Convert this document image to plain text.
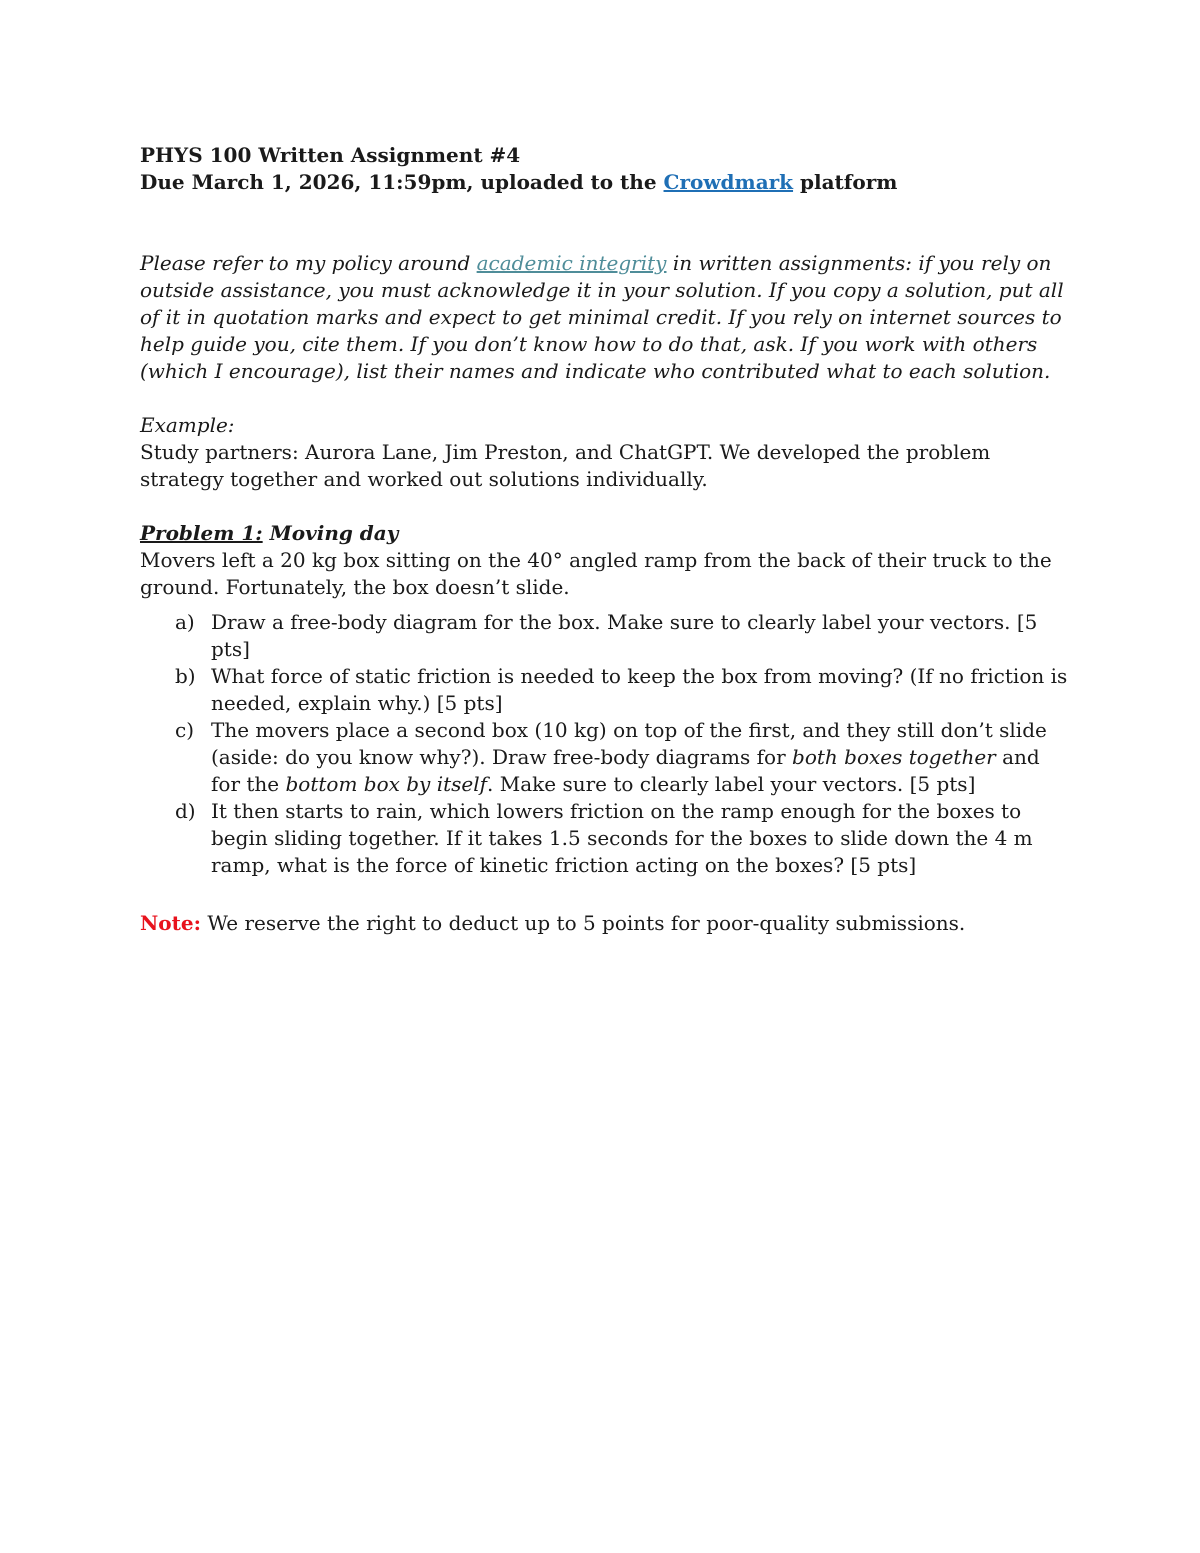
PHYS 100 Written Assignment #4
Due March 1, 2026, 11:59pm, uploaded to the Crowdmark platform
Please refer to my policy around academic integrity in written assignments: if you rely on outside assistance, you must acknowledge it in your solution. If you copy a solution, put all of it in quotation marks and expect to get minimal credit. If you rely on internet sources to help guide you, cite them. If you don’t know how to do that, ask. If you work with others (which I encourage), list their names and indicate who contributed what to each solution.
Example:
Study partners: Aurora Lane, Jim Preston, and ChatGPT. We developed the problem strategy together and worked out solutions individually.
Problem 1: Moving day
Movers left a 20 kg box sitting on the 40° angled ramp from the back of their truck to the ground. Fortunately, the box doesn’t slide.
a) Draw a free-body diagram for the box. Make sure to clearly label your vectors. [5 pts]
b) What force of static friction is needed to keep the box from moving? (If no friction is needed, explain why.) [5 pts]
c) The movers place a second box (10 kg) on top of the first, and they still don’t slide (aside: do you know why?). Draw free-body diagrams for both boxes together and for the bottom box by itself. Make sure to clearly label your vectors. [5 pts]
d) It then starts to rain, which lowers friction on the ramp enough for the boxes to begin sliding together. If it takes 1.5 seconds for the boxes to slide down the 4 m ramp, what is the force of kinetic friction acting on the boxes? [5 pts]
Note: We reserve the right to deduct up to 5 points for poor-quality submissions.
